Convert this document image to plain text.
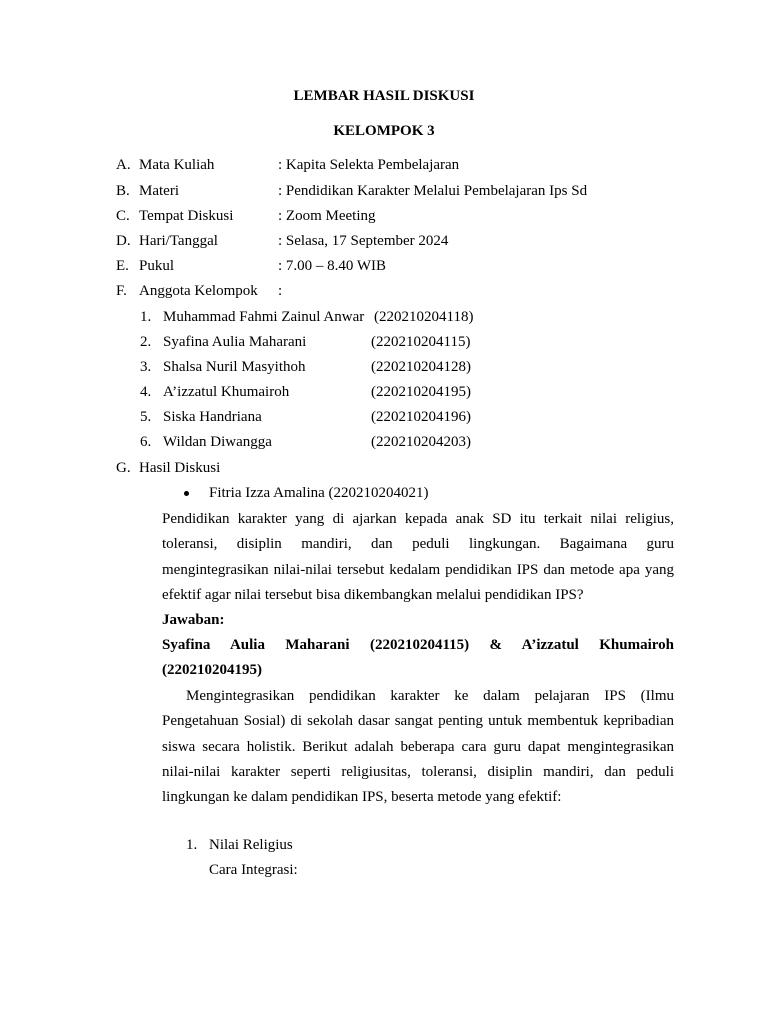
LEMBAR HASIL DISKUSI
KELOMPOK 3
A. Mata Kuliah	: Kapita Selekta Pembelajaran
B. Materi	: Pendidikan Karakter Melalui Pembelajaran Ips Sd
C. Tempat Diskusi	: Zoom Meeting
D. Hari/Tanggal	: Selasa, 17 September 2024
E. Pukul	: 7.00 – 8.40 WIB
F. Anggota Kelompok :
1. Muhammad Fahmi Zainul Anwar (220210204118)
2. Syafina Aulia Maharani	(220210204115)
3. Shalsa Nuril Masyithoh	(220210204128)
4. A’izzatul Khumairoh	(220210204195)
5. Siska Handriana	(220210204196)
6. Wildan Diwangga	(220210204203)
G. Hasil Diskusi
Fitria Izza Amalina (220210204021)
Pendidikan karakter yang di ajarkan kepada anak SD itu terkait nilai religius, toleransi, disiplin mandiri, dan peduli lingkungan. Bagaimana guru mengintegrasikan nilai-nilai tersebut kedalam pendidikan IPS dan metode apa yang efektif agar nilai tersebut bisa dikembangkan melalui pendidikan IPS?
Jawaban:
Syafina Aulia Maharani (220210204115) & A’izzatul Khumairoh (220210204195)
Mengintegrasikan pendidikan karakter ke dalam pelajaran IPS (Ilmu Pengetahuan Sosial) di sekolah dasar sangat penting untuk membentuk kepribadian siswa secara holistik. Berikut adalah beberapa cara guru dapat mengintegrasikan nilai-nilai karakter seperti religiusitas, toleransi, disiplin mandiri, dan peduli lingkungan ke dalam pendidikan IPS, beserta metode yang efektif:
1. Nilai Religius
Cara Integrasi:
